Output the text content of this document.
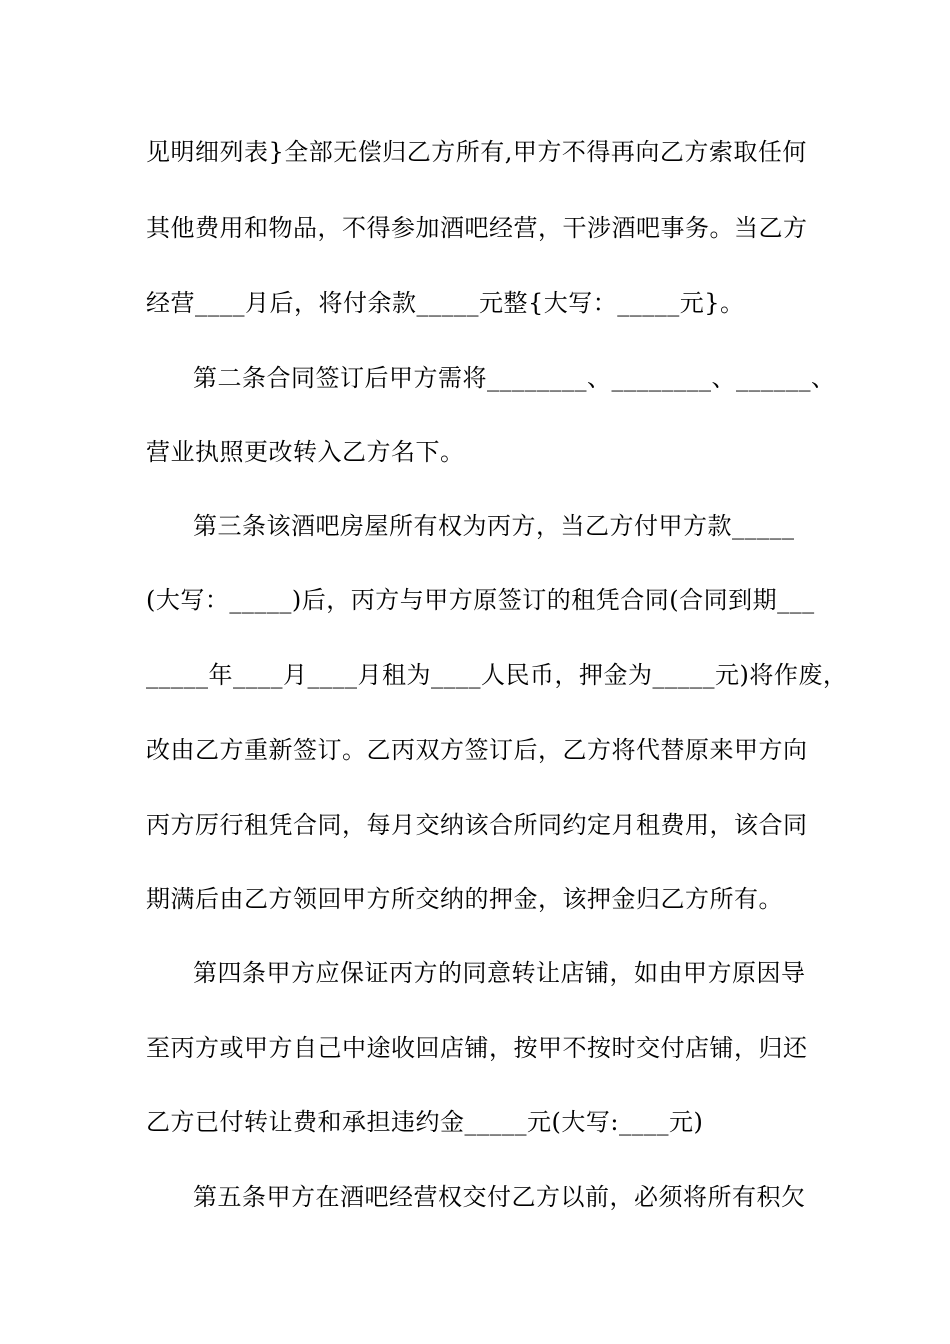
见明细列表}全部无偿归乙方所有,甲方不得再向乙方索取任何
其他费用和物品，不得参加酒吧经营，干涉酒吧事务。当乙方
经营____月后，将付余款_____元整{大写：_____元}。
第二条合同签订后甲方需将________、________、______、
营业执照更改转入乙方名下。
第三条该酒吧房屋所有权为丙方，当乙方付甲方款_____
(大写：_____)后，丙方与甲方原签订的租凭合同(合同到期___
_____年____月____月租为____人民币，押金为_____元)将作废，
改由乙方重新签订。乙丙双方签订后，乙方将代替原来甲方向
丙方厉行租凭合同，每月交纳该合所同约定月租费用，该合同
期满后由乙方领回甲方所交纳的押金，该押金归乙方所有。
第四条甲方应保证丙方的同意转让店铺，如由甲方原因导
至丙方或甲方自己中途收回店铺，按甲不按时交付店铺，归还
乙方已付转让费和承担违约金_____元(大写:____元)
第五条甲方在酒吧经营权交付乙方以前，必须将所有积欠
